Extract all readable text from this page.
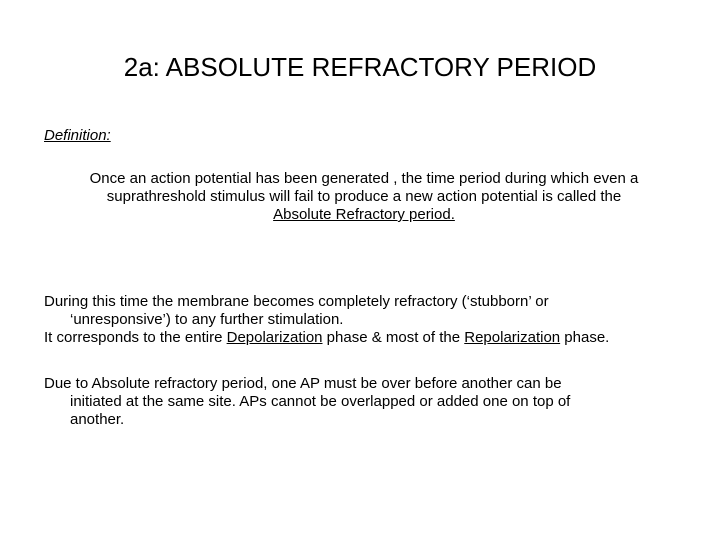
2a: ABSOLUTE REFRACTORY PERIOD
Definition:
Once an action potential has been generated , the time period during which even a
suprathreshold stimulus will fail to produce a new action potential is called the
Absolute Refractory period.
During this time the membrane becomes completely refractory (‘stubborn’ or
‘unresponsive’) to any further stimulation.
It corresponds to the entire Depolarization phase & most of the Repolarization phase.
Due to Absolute refractory period, one AP must be over before another can be
initiated at the same site. APs cannot be overlapped or added one on top of
another.
